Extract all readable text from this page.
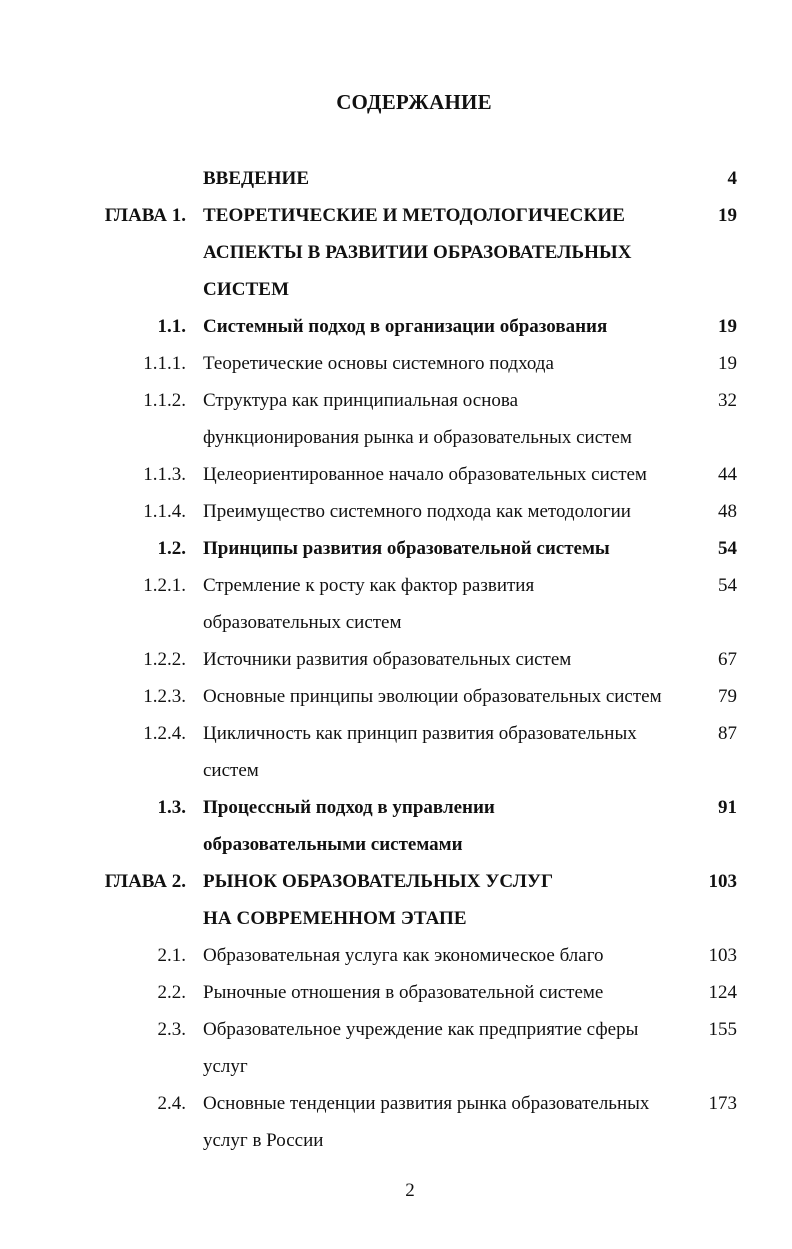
СОДЕРЖАНИЕ
ВВЕДЕНИЕ	4
ГЛАВА 1. ТЕОРЕТИЧЕСКИЕ И МЕТОДОЛОГИЧЕСКИЕ	19
АСПЕКТЫ В РАЗВИТИИ ОБРАЗОВАТЕЛЬНЫХ
СИСТЕМ
1.1. Системный подход в организации образования	19
1.1.1. Теоретические основы системного подхода	19
1.1.2. Структура как принципиальная основа	32
функционирования рынка и образовательных систем
1.1.3. Целеориентированное начало образовательных систем	44
1.1.4. Преимущество системного подхода как методологии	48
1.2. Принципы развития образовательной системы	54
1.2.1. Стремление к росту как фактор развития	54
образовательных систем
1.2.2. Источники развития образовательных систем	67
1.2.3. Основные принципы эволюции образовательных систем	79
1.2.4. Цикличность как принцип развития образовательных	87
систем
1.3. Процессный подход в управлении	91
образовательными системами
ГЛАВА 2. РЫНОК ОБРАЗОВАТЕЛЬНЫХ УСЛУГ	103
НА СОВРЕМЕННОМ ЭТАПЕ
2.1. Образовательная услуга как экономическое благо	103
2.2. Рыночные отношения в образовательной системе	124
2.3. Образовательное учреждение как предприятие сферы	155
услуг
2.4. Основные тенденции развития рынка образовательных	173
услуг в России
2
